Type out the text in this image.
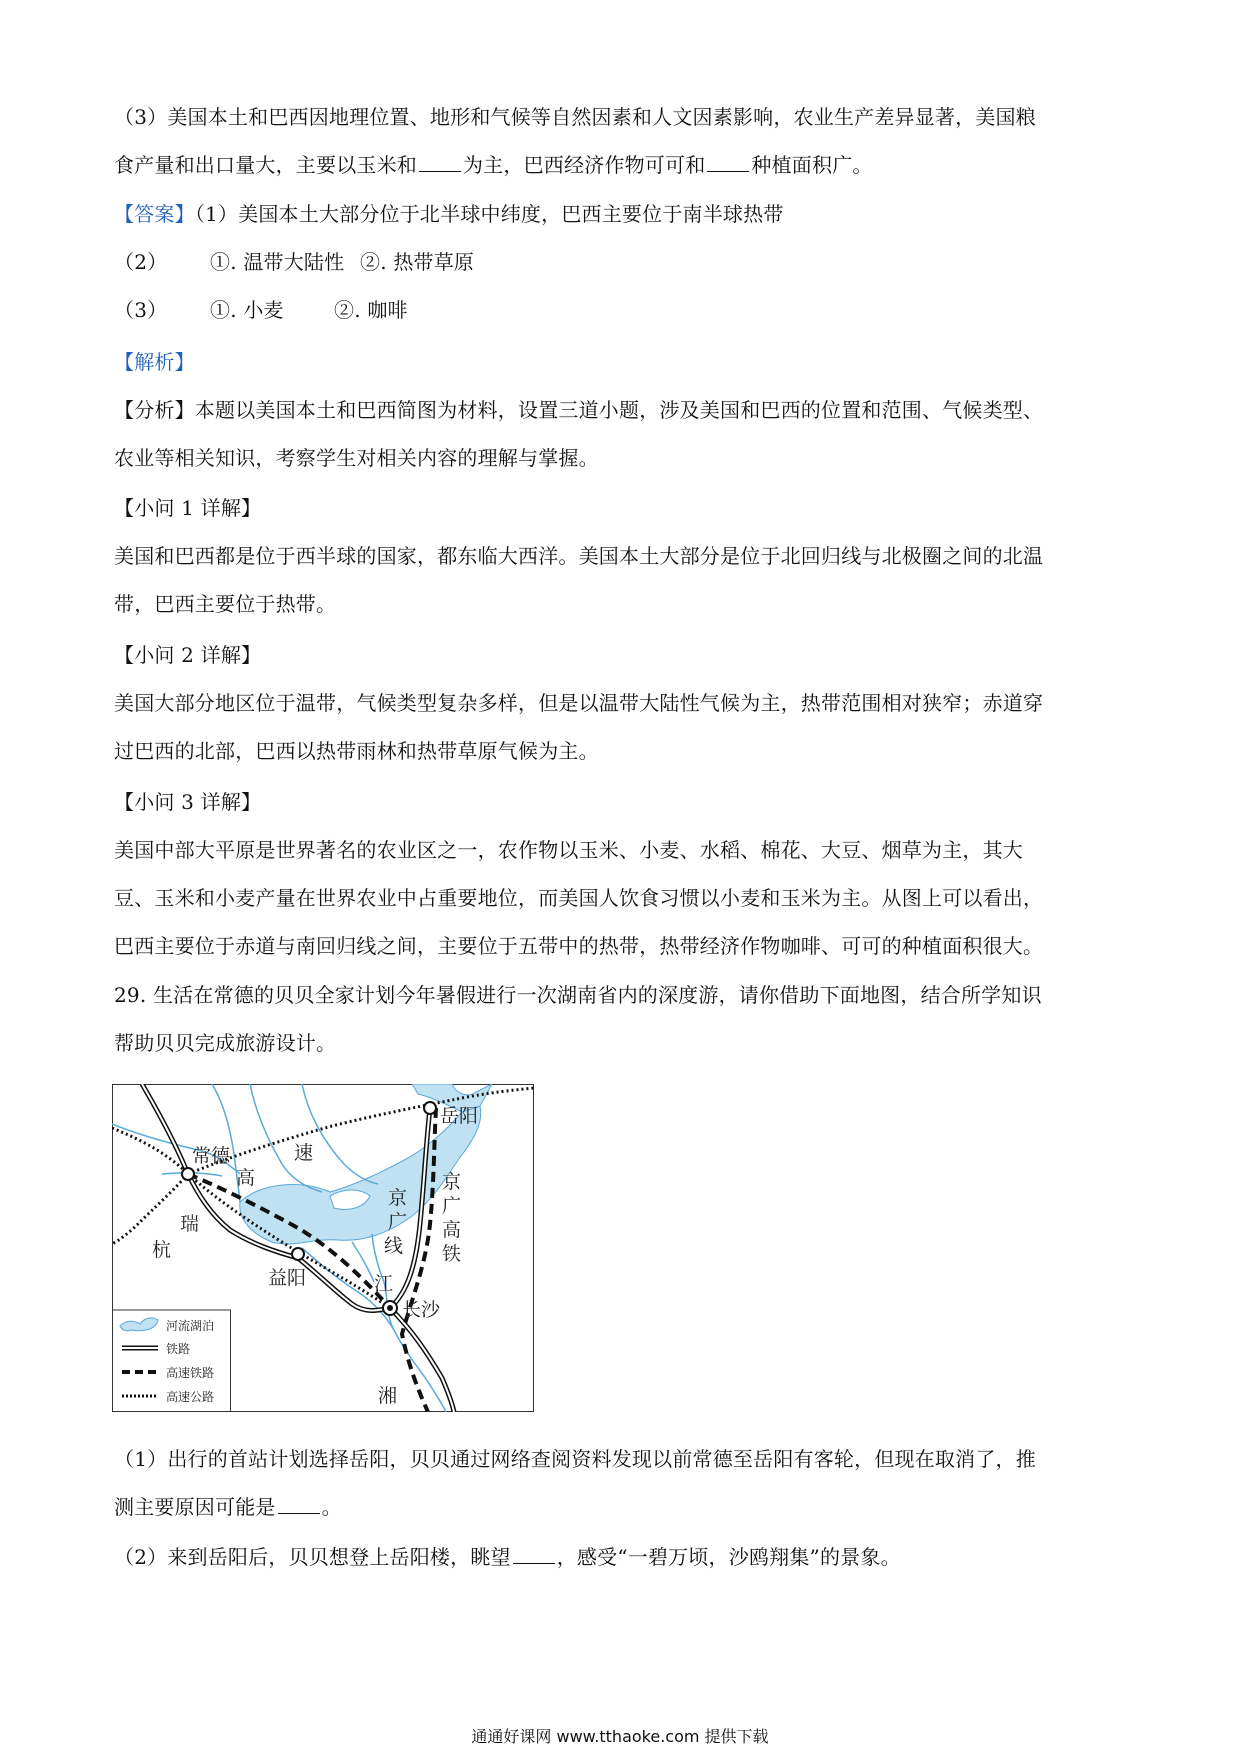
（3）美国本土和巴西因地理位置、地形和气候等自然因素和人文因素影响，农业生产差异显著，美国粮
食产量和出口量大，主要以玉米和 为主，巴西经济作物可可和 种植面积广。
【答案】（1）美国本土大部分位于北半球中纬度，巴西主要位于南半球热带
（2） ①. 温带大陆性 ②. 热带草原
（3） ①. 小麦	②. 咖啡
【解析】
【分析】本题以美国本土和巴西简图为材料，设置三道小题，涉及美国和巴西的位置和范围、气候类型、
农业等相关知识，考察学生对相关内容的理解与掌握。
【小问 1 详解】
美国和巴西都是位于西半球的国家，都东临大西洋。美国本土大部分是位于北回归线与北极圈之间的北温
带，巴西主要位于热带。
【小问 2 详解】
美国大部分地区位于温带，气候类型复杂多样，但是以温带大陆性气候为主，热带范围相对狭窄；赤道穿
过巴西的北部，巴西以热带雨林和热带草原气候为主。
【小问 3 详解】
美国中部大平原是世界著名的农业区之一，农作物以玉米、小麦、水稻、棉花、大豆、烟草为主，其大
豆、玉米和小麦产量在世界农业中占重要地位，而美国人饮食习惯以小麦和玉米为主。从图上可以看出，
巴西主要位于赤道与南回归线之间，主要位于五带中的热带，热带经济作物咖啡、可可的种植面积很大。
29. 生活在常德的贝贝全家计划今年暑假进行一次湖南省内的深度游，请你借助下面地图，结合所学知识
帮助贝贝完成旅游设计。
常德
岳阳
益阳
长沙
高
速
瑞
杭
京
广
线
京
广
高
铁
江
湘
河流湖泊
铁路
高速铁路
高速公路
（1）出行的首站计划选择岳阳，贝贝通过网络查阅资料发现以前常德至岳阳有客轮，但现在取消了，推
测主要原因可能是 。
（2）来到岳阳后，贝贝想登上岳阳楼，眺望 ，感受“一碧万顷，沙鸥翔集”的景象。
通通好课网 www.tthaoke.com 提供下载
